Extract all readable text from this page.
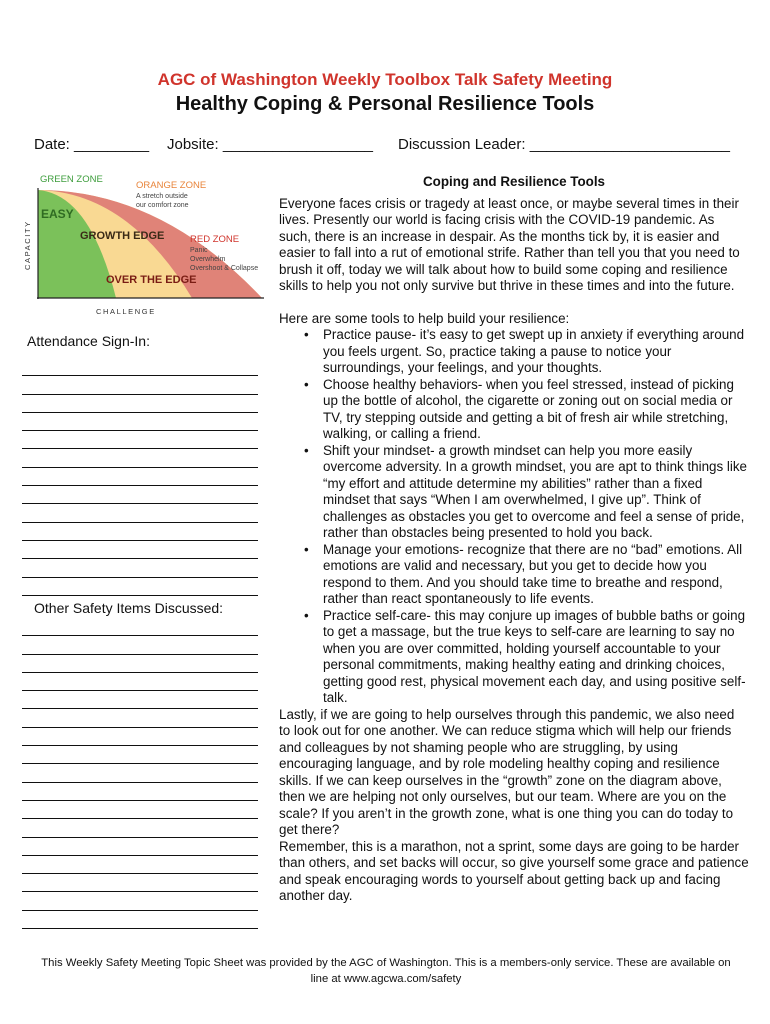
AGC of Washington Weekly Toolbox Talk Safety Meeting
Healthy Coping & Personal Resilience Tools
Date: _________ Jobsite: __________________ Discussion Leader: ________________________
CAPACITY
CHALLENGE
GREEN ZONE
ORANGE ZONE
A stretch outside
our comfort zone
RED ZONE
Panic
Overwhelm
Overshoot & Collapse
EASY
GROWTH EDGE
OVER THE EDGE

Coping and Resilience Tools

Everyone faces crisis or tragedy at least once, or maybe several times in their lives. Presently our world is facing crisis with the COVID-19 pandemic. As such, there is an increase in despair. As the months tick by, it is easier and easier to fall into a rut of emotional strife. Rather than tell you that you need to brush it off, today we will talk about how to build some coping and resilience skills to help you not only survive but thrive in these times and into the future.

Here are some tools to help build your resilience:

• Practice pause- it’s easy to get swept up in anxiety if everything around you feels urgent. So, practice taking a pause to notice your surroundings, your feelings, and your thoughts.
• Choose healthy behaviors- when you feel stressed, instead of picking up the bottle of alcohol, the cigarette or zoning out on social media or TV, try stepping outside and getting a bit of fresh air while stretching, walking, or calling a friend.
• Shift your mindset- a growth mindset can help you more easily overcome adversity. In a growth mindset, you are apt to think things like “my effort and attitude determine my abilities” rather than a fixed mindset that says “When I am overwhelmed, I give up”. Think of challenges as obstacles you get to overcome and feel a sense of pride, rather than obstacles being presented to hold you back.
• Manage your emotions- recognize that there are no “bad” emotions. All emotions are valid and necessary, but you get to decide how you respond to them. And you should take time to breathe and respond, rather than react spontaneously to life events.
• Practice self-care- this may conjure up images of bubble baths or going to get a massage, but the true keys to self-care are learning to say no when you are over committed, holding yourself accountable to your personal commitments, making healthy eating and drinking choices, getting good rest, physical movement each day, and using positive self-talk.

Lastly, if we are going to help ourselves through this pandemic, we also need to look out for one another. We can reduce stigma which will help our friends and colleagues by not shaming people who are struggling, by using encouraging language, and by role modeling healthy coping and resilience skills. If we can keep ourselves in the “growth” zone on the diagram above, then we are helping not only ourselves, but our team. Where are you on the scale? If you aren’t in the growth zone, what is one thing you can do today to get there?

Remember, this is a marathon, not a sprint, some days are going to be harder than others, and set backs will occur, so give yourself some grace and patience and speak encouraging words to yourself about getting back up and facing another day.

Attendance Sign-In:
Other Safety Items Discussed:
This Weekly Safety Meeting Topic Sheet was provided by the AGC of Washington. This is a members-only service. These are available on
line at www.agcwa.com/safety
